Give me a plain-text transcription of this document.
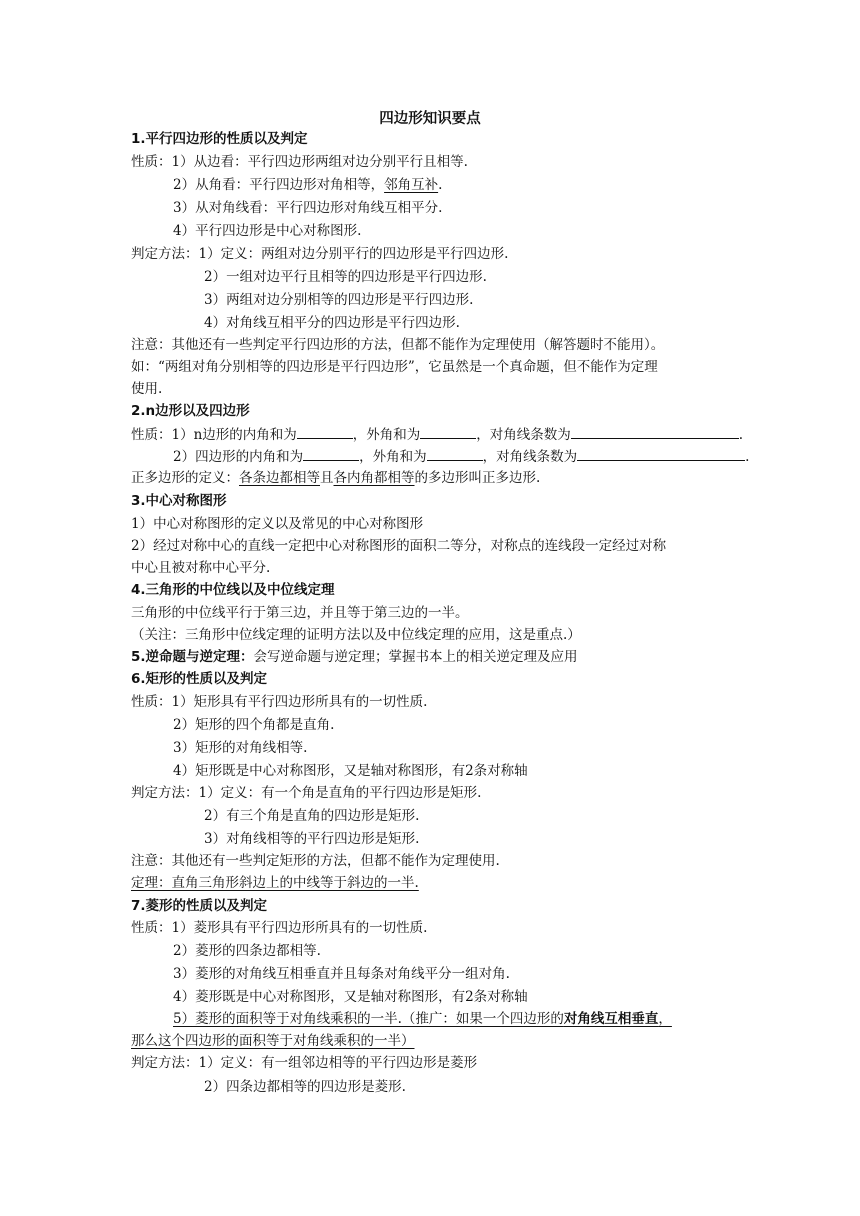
四边形知识要点
1.平行四边形的性质以及判定
性质：1）从边看：平行四边形两组对边分别平行且相等.
2）从角看：平行四边形对角相等，邻角互补.
3）从对角线看：平行四边形对角线互相平分.
4）平行四边形是中心对称图形.
判定方法：1）定义：两组对边分别平行的四边形是平行四边形.
2）一组对边平行且相等的四边形是平行四边形.
3）两组对边分别相等的四边形是平行四边形.
4）对角线互相平分的四边形是平行四边形.
注意：其他还有一些判定平行四边形的方法，但都不能作为定理使用（解答题时不能用）。
如：“两组对角分别相等的四边形是平行四边形”，它虽然是一个真命题，但不能作为定理
使用.
2.n边形以及四边形
性质：1）n边形的内角和为	，外角和为	，对角线条数为	.
2）四边形的内角和为	，外角和为	，对角线条数为	.
正多边形的定义：各条边都相等且各内角都相等的多边形叫正多边形.
3.中心对称图形
1）中心对称图形的定义以及常见的中心对称图形
2）经过对称中心的直线一定把中心对称图形的面积二等分，对称点的连线段一定经过对称
中心且被对称中心平分.
4.三角形的中位线以及中位线定理
三角形的中位线平行于第三边，并且等于第三边的一半。
（关注：三角形中位线定理的证明方法以及中位线定理的应用，这是重点.）
5.逆命题与逆定理：会写逆命题与逆定理；掌握书本上的相关逆定理及应用
6.矩形的性质以及判定
性质：1）矩形具有平行四边形所具有的一切性质.
2）矩形的四个角都是直角.
3）矩形的对角线相等.
4）矩形既是中心对称图形，又是轴对称图形，有2条对称轴
判定方法：1）定义：有一个角是直角的平行四边形是矩形.
2）有三个角是直角的四边形是矩形.
3）对角线相等的平行四边形是矩形.
注意：其他还有一些判定矩形的方法，但都不能作为定理使用.
定理：直角三角形斜边上的中线等于斜边的一半.
7.菱形的性质以及判定
性质：1）菱形具有平行四边形所具有的一切性质.
2）菱形的四条边都相等.
3）菱形的对角线互相垂直并且每条对角线平分一组对角.
4）菱形既是中心对称图形，又是轴对称图形，有2条对称轴
5）菱形的面积等于对角线乘积的一半.（推广：如果一个四边形的对角线互相垂直，
那么这个四边形的面积等于对角线乘积的一半）
判定方法：1）定义：有一组邻边相等的平行四边形是菱形
2）四条边都相等的四边形是菱形.
